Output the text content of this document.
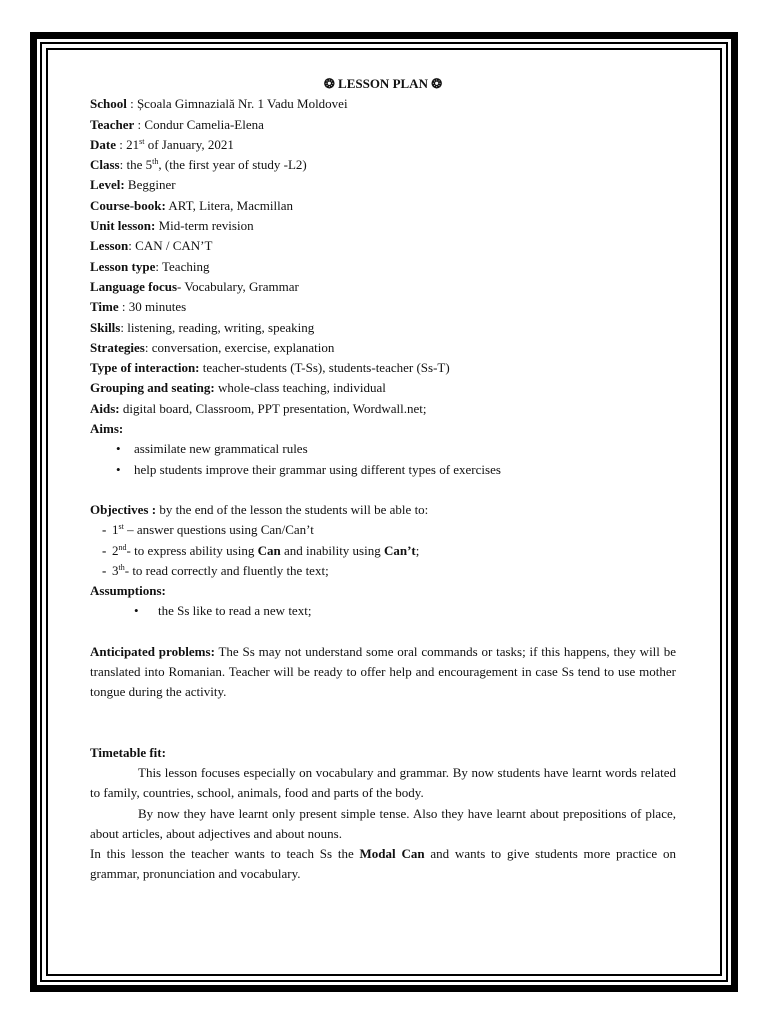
❂ LESSON PLAN ❂
School : Școala Gimnazială Nr. 1 Vadu Moldovei
Teacher : Condur Camelia-Elena
Date : 21st of January, 2021
Class: the 5th, (the first year of study -L2)
Level: Begginer
Course-book: ART, Litera, Macmillan
Unit lesson: Mid-term revision
Lesson: CAN / CAN’T
Lesson type: Teaching
Language focus- Vocabulary, Grammar
Time : 30 minutes
Skills: listening, reading, writing, speaking
Strategies: conversation, exercise, explanation
Type of interaction: teacher-students (T-Ss), students-teacher (Ss-T)
Grouping and seating: whole-class teaching, individual
Aids: digital board, Classroom, PPT presentation, Wordwall.net;
Aims:
• assimilate new grammatical rules
• help students improve their grammar using different types of exercises
Objectives : by the end of the lesson the students will be able to:
- 1st – answer questions using Can/Can’t
- 2nd- to express ability using Can and inability using Can’t;
- 3th- to read correctly and fluently the text;
Assumptions:
• the Ss like to read a new text;
Anticipated problems: The Ss may not understand some oral commands or tasks; if this happens, they will be translated into Romanian. Teacher will be ready to offer help and encouragement in case Ss tend to use mother tongue during the activity.
Timetable fit:
This lesson focuses especially on vocabulary and grammar. By now students have learnt words related to family, countries, school, animals, food and parts of the body.
By now they have learnt only present simple tense. Also they have learnt about prepositions of place, about articles, about adjectives and about nouns.
In this lesson the teacher wants to teach Ss the Modal Can and wants to give students more practice on grammar, pronunciation and vocabulary.
